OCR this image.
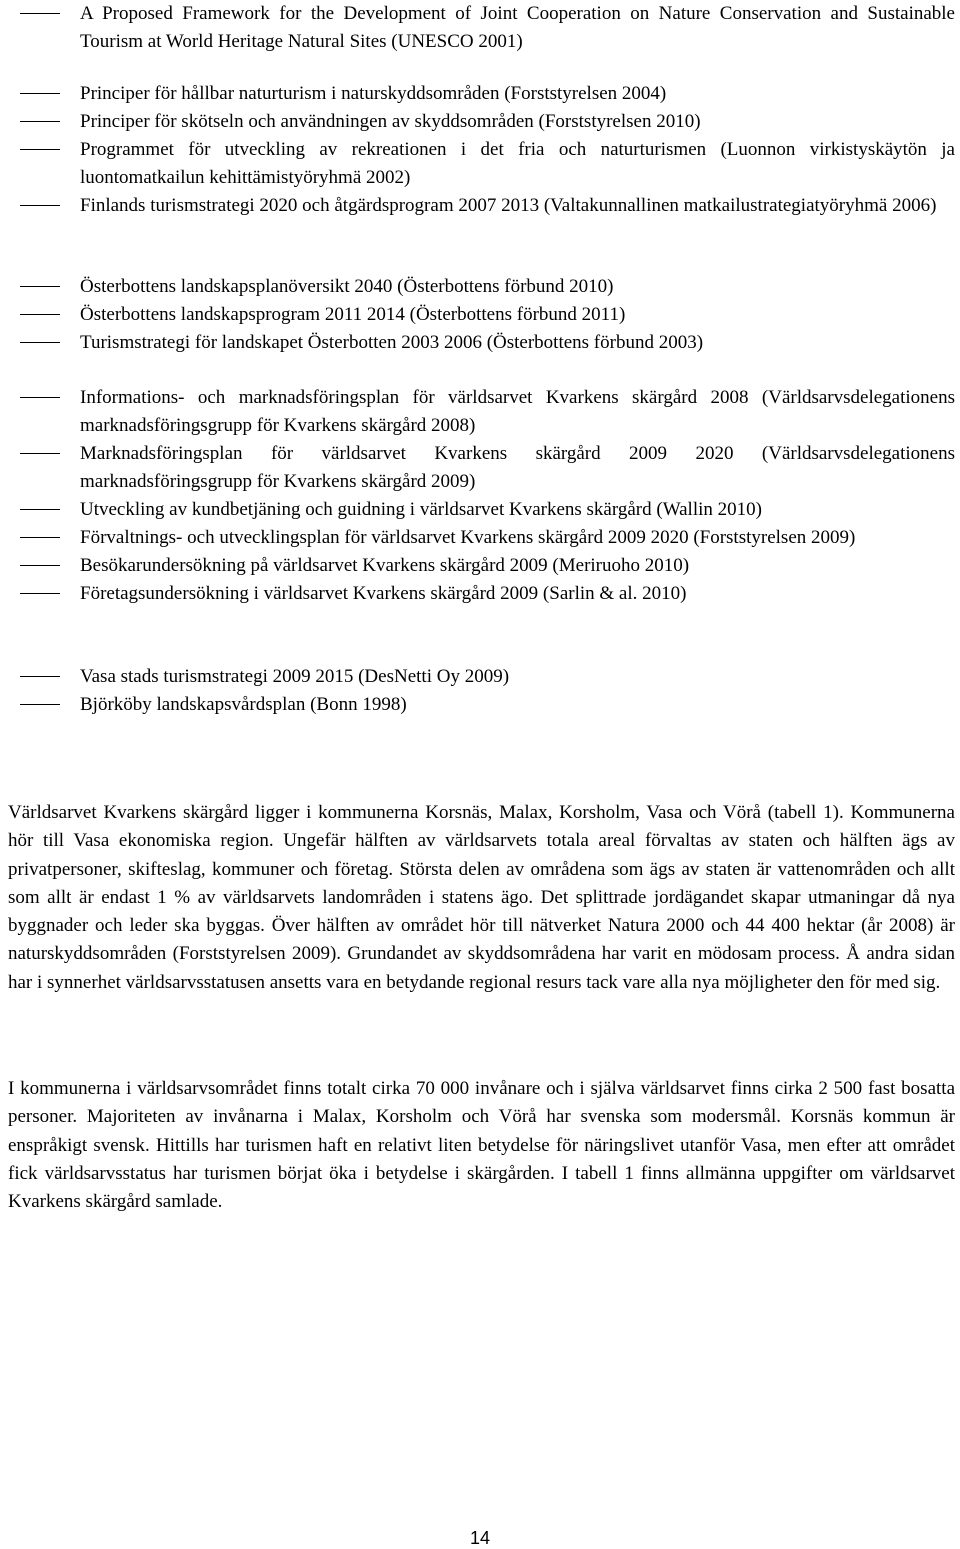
A Proposed Framework for the Development of Joint Cooperation on Nature Conservation and Sustainable Tourism at World Heritage Natural Sites (UNESCO 2001)
Principer för hållbar naturturism i naturskyddsområden (Forststyrelsen 2004)
Principer för skötseln och användningen av skyddsområden (Forststyrelsen 2010)
Programmet för utveckling av rekreationen i det fria och naturturismen (Luonnon virkistyskäytön ja luontomatkailun kehittämistyöryhmä 2002)
Finlands turismstrategi 2020 och åtgärdsprogram 2007 2013 (Valtakunnallinen matkailustrategiatyöryhmä 2006)
Österbottens landskapsplanöversikt 2040 (Österbottens förbund 2010)
Österbottens landskapsprogram 2011 2014 (Österbottens förbund 2011)
Turismstrategi för landskapet Österbotten 2003 2006 (Österbottens förbund 2003)
Informations- och marknadsföringsplan för världsarvet Kvarkens skärgård 2008 (Världsarvsdelegationens marknadsföringsgrupp för Kvarkens skärgård 2008)
Marknadsföringsplan för världsarvet Kvarkens skärgård 2009 2020 (Världsarvsdelegationens marknadsföringsgrupp för Kvarkens skärgård 2009)
Utveckling av kundbetjäning och guidning i världsarvet Kvarkens skärgård (Wallin 2010)
Förvaltnings- och utvecklingsplan för världsarvet Kvarkens skärgård 2009 2020 (Forststyrelsen 2009)
Besökarundersökning på världsarvet Kvarkens skärgård 2009 (Meriruoho 2010)
Företagsundersökning i världsarvet Kvarkens skärgård 2009 (Sarlin & al. 2010)
Vasa stads turismstrategi 2009 2015 (DesNetti Oy 2009)
Björköby landskapsvårdsplan (Bonn 1998)

Världsarvet Kvarkens skärgård ligger i kommunerna Korsnäs, Malax, Korsholm, Vasa och Vörå (tabell 1). Kommunerna hör till Vasa ekonomiska region. Ungefär hälften av världsarvets totala areal förvaltas av staten och hälften ägs av privatpersoner, skifteslag, kommuner och företag. Största delen av områdena som ägs av staten är vattenområden och allt som allt är endast 1 % av världsarvets landområden i statens ägo. Det splittrade jordägandet skapar utmaningar då nya byggnader och leder ska byggas. Över hälften av området hör till nätverket Natura 2000 och 44 400 hektar (år 2008) är naturskyddsområden (Forststyrelsen 2009). Grundandet av skyddsområdena har varit en mödosam process. Å andra sidan har i synnerhet världsarvsstatusen ansetts vara en betydande regional resurs tack vare alla nya möjligheter den för med sig.

I kommunerna i världsarvsområdet finns totalt cirka 70 000 invånare och i själva världsarvet finns cirka 2 500 fast bosatta personer. Majoriteten av invånarna i Malax, Korsholm och Vörå har svenska som modersmål. Korsnäs kommun är enspråkigt svensk. Hittills har turismen haft en relativt liten betydelse för näringslivet utanför Vasa, men efter att området fick världsarvsstatus har turismen börjat öka i betydelse i skärgården. I tabell 1 finns allmänna uppgifter om världsarvet Kvarkens skärgård samlade.

14
